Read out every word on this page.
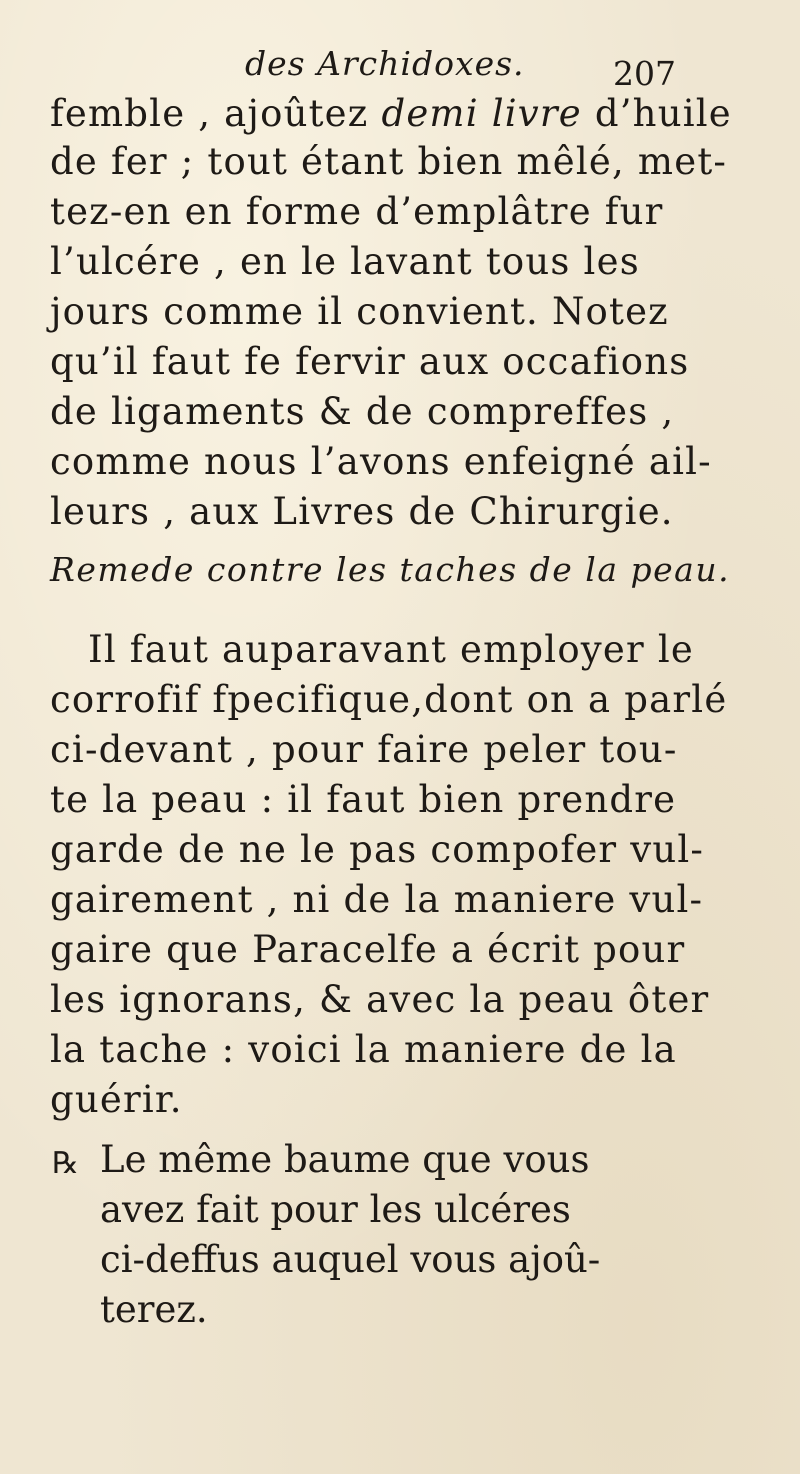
des Archidoxes.	207
femble , ajoûtez demi livre d’huile
de fer ; tout étant bien mêlé, met-
tez-en en forme d’emplâtre fur
l’ulcére , en le lavant tous les
jours comme il convient. Notez
qu’il faut fe fervir aux occafions
de ligaments & de compreffes ,
comme nous l’avons enfeigné ail-
leurs , aux Livres de Chirurgie.
Remede contre les taches de la peau.
Il faut auparavant employer le
corrofif fpecifique,dont on a parlé
ci-devant , pour faire peler tou-
te la peau : il faut bien prendre
garde de ne le pas compofer vul-
gairement , ni de la maniere vul-
gaire que Paracelfe a écrit pour
les ignorans, & avec la peau ôter
la tache : voici la maniere de la
guérir.
℞ Le même baume que vous
avez fait pour les ulcéres
ci-deffus auquel vous ajoû-
terez.
